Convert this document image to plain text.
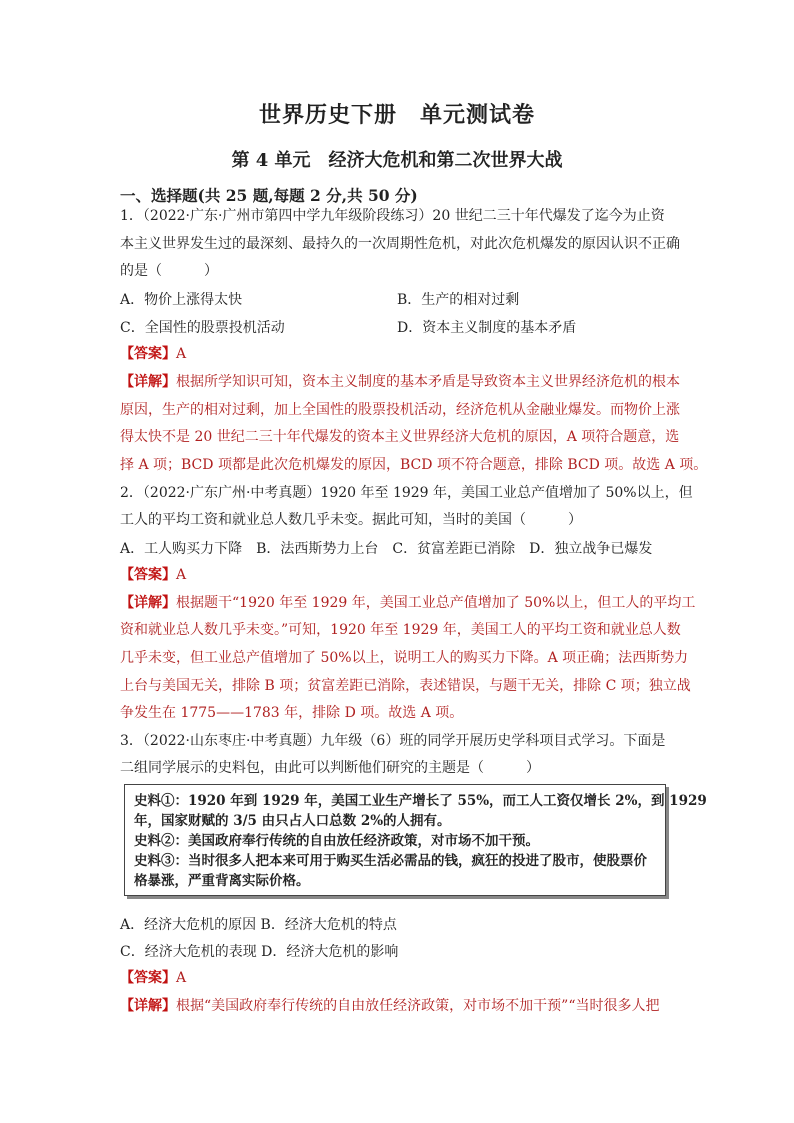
世界历史下册　单元测试卷
第 4 单元　经济大危机和第二次世界大战
一、选择题(共 25 题,每题 2 分,共 50 分)
1．（2022·广东·广州市第四中学九年级阶段练习）20 世纪二三十年代爆发了迄今为止资
本主义世界发生过的最深刻、最持久的一次周期性危机，对此次危机爆发的原因认识不正确
的是（　　　）
A．物价上涨得太快	B．生产的相对过剩
C．全国性的股票投机活动	D．资本主义制度的基本矛盾
【答案】A
【详解】根据所学知识可知，资本主义制度的基本矛盾是导致资本主义世界经济危机的根本
原因，生产的相对过剩，加上全国性的股票投机活动，经济危机从金融业爆发。而物价上涨
得太快不是 20 世纪二三十年代爆发的资本主义世界经济大危机的原因，A 项符合题意，选
择 A 项；BCD 项都是此次危机爆发的原因，BCD 项不符合题意，排除 BCD 项。故选 A 项。
2．（2022·广东广州·中考真题）1920 年至 1929 年，美国工业总产值增加了 50%以上，但
工人的平均工资和就业总人数几乎未变。据此可知，当时的美国（　　　）
A．工人购买力下降　B．法西斯势力上台　C．贫富差距已消除　D．独立战争已爆发
【答案】A
【详解】根据题干“1920 年至 1929 年，美国工业总产值增加了 50%以上，但工人的平均工
资和就业总人数几乎未变。”可知，1920 年至 1929 年，美国工人的平均工资和就业总人数
几乎未变，但工业总产值增加了 50%以上，说明工人的购买力下降。A 项正确；法西斯势力
上台与美国无关，排除 B 项；贫富差距已消除，表述错误，与题干无关，排除 C 项；独立战
争发生在 1775——1783 年，排除 D 项。故选 A 项。
3．（2022·山东枣庄·中考真题）九年级（6）班的同学开展历史学科项目式学习。下面是
二组同学展示的史料包，由此可以判断他们研究的主题是（　　　）
史料①：1920 年到 1929 年，美国工业生产增长了 55%，而工人工资仅增长 2%，到 1929
年，国家财赋的 3/5 由只占人口总数 2%的人拥有。
史料②：美国政府奉行传统的自由放任经济政策，对市场不加干预。
史料③：当时很多人把本来可用于购买生活必需品的钱，疯狂的投进了股市，使股票价
格暴涨，严重背离实际价格。
A．经济大危机的原因 B．经济大危机的特点
C．经济大危机的表现 D．经济大危机的影响
【答案】A
【详解】根据“美国政府奉行传统的自由放任经济政策，对市场不加干预”“当时很多人把
